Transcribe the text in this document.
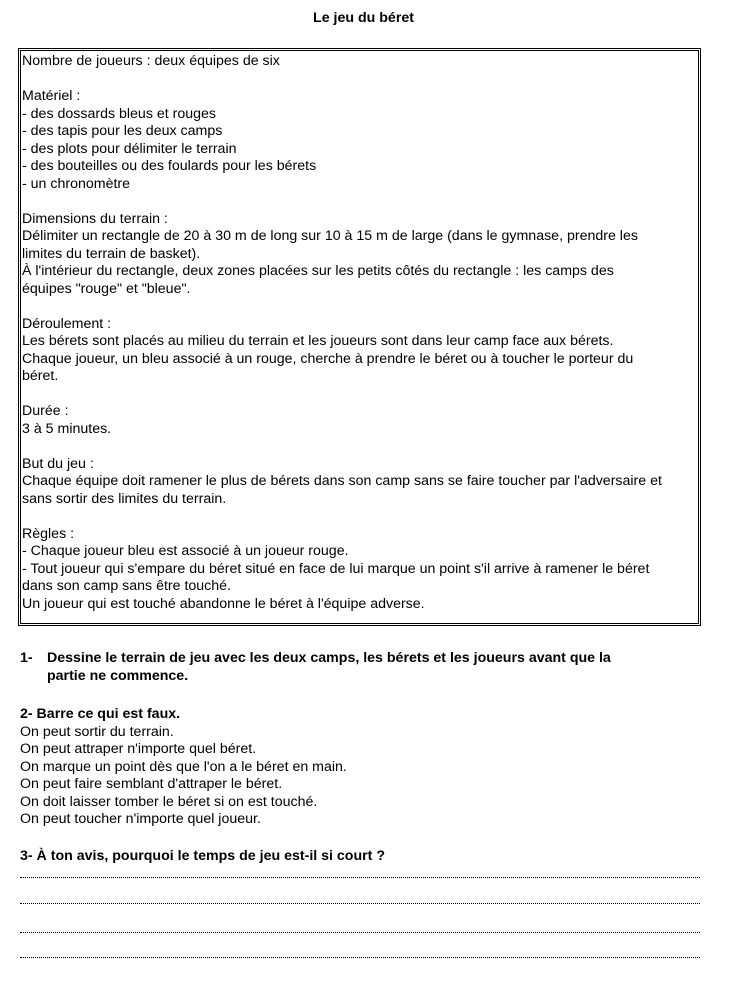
Le jeu du béret
Nombre de joueurs : deux équipes de six
Matériel :
- des dossards bleus et rouges
- des tapis pour les deux camps
- des plots pour délimiter le terrain
- des bouteilles ou des foulards pour les bérets
- un chronomètre
Dimensions du terrain :
Délimiter un rectangle de 20 à 30 m de long sur 10 à 15 m de large (dans le gymnase, prendre les
limites du terrain de basket).
À l'intérieur du rectangle, deux zones placées sur les petits côtés du rectangle : les camps des
équipes "rouge" et "bleue".
Déroulement :
Les bérets sont placés au milieu du terrain et les joueurs sont dans leur camp face aux bérets.
Chaque joueur, un bleu associé à un rouge, cherche à prendre le béret ou à toucher le porteur du
béret.
Durée :
3 à 5 minutes.
But du jeu :
Chaque équipe doit ramener le plus de bérets dans son camp sans se faire toucher par l'adversaire et
sans sortir des limites du terrain.
Règles :
- Chaque joueur bleu est associé à un joueur rouge.
- Tout joueur qui s'empare du béret situé en face de lui marque un point s'il arrive à ramener le béret
dans son camp sans être touché.
Un joueur qui est touché abandonne le béret à l'équipe adverse.
1- Dessine le terrain de jeu avec les deux camps, les bérets et les joueurs avant que la
partie ne commence.
2- Barre ce qui est faux.
On peut sortir du terrain.
On peut attraper n'importe quel béret.
On marque un point dès que l'on a le béret en main.
On peut faire semblant d'attraper le béret.
On doit laisser tomber le béret si on est touché.
On peut toucher n'importe quel joueur.
3- À ton avis, pourquoi le temps de jeu est-il si court ?
